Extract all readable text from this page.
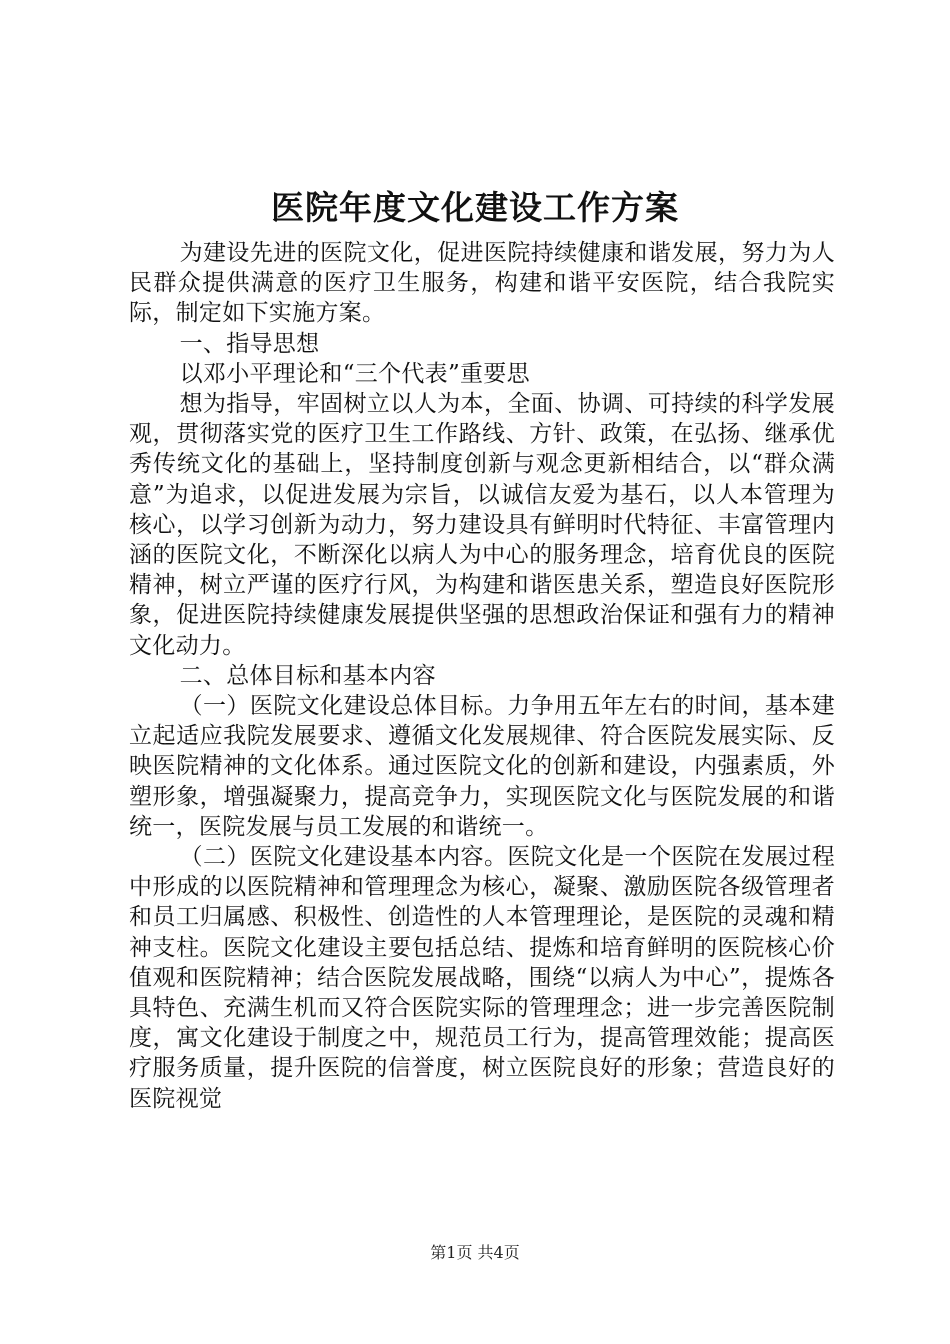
医院年度文化建设工作方案

为建设先进的医院文化，促进医院持续健康和谐发展，努力为人民群众提供满意的医疗卫生服务，构建和谐平安医院，结合我院实际，制定如下实施方案。

一、指导思想

以邓小平理论和“三个代表”重要思

想为指导，牢固树立以人为本，全面、协调、可持续的科学发展观，贯彻落实党的医疗卫生工作路线、方针、政策，在弘扬、继承优秀传统文化的基础上，坚持制度创新与观念更新相结合，以“群众满意”为追求，以促进发展为宗旨，以诚信友爱为基石，以人本管理为核心，以学习创新为动力，努力建设具有鲜明时代特征、丰富管理内涵的医院文化，不断深化以病人为中心的服务理念，培育优良的医院精神，树立严谨的医疗行风，为构建和谐医患关系，塑造良好医院形象，促进医院持续健康发展提供坚强的思想政治保证和强有力的精神文化动力。

二、总体目标和基本内容

（一）医院文化建设总体目标。力争用五年左右的时间，基本建立起适应我院发展要求、遵循文化发展规律、符合医院发展实际、反映医院精神的文化体系。通过医院文化的创新和建设，内强素质，外塑形象，增强凝聚力，提高竞争力，实现医院文化与医院发展的和谐统一，医院发展与员工发展的和谐统一。

（二）医院文化建设基本内容。医院文化是一个医院在发展过程中形成的以医院精神和管理理念为核心，凝聚、激励医院各级管理者和员工归属感、积极性、创造性的人本管理理论，是医院的灵魂和精神支柱。医院文化建设主要包括总结、提炼和培育鲜明的医院核心价值观和医院精神；结合医院发展战略，围绕“以病人为中心”，提炼各具特色、充满生机而又符合医院实际的管理理念；进一步完善医院制度，寓文化建设于制度之中，规范员工行为，提高管理效能；提高医疗服务质量，提升医院的信誉度，树立医院良好的形象；营造良好的医院视觉

第1页 共4页
